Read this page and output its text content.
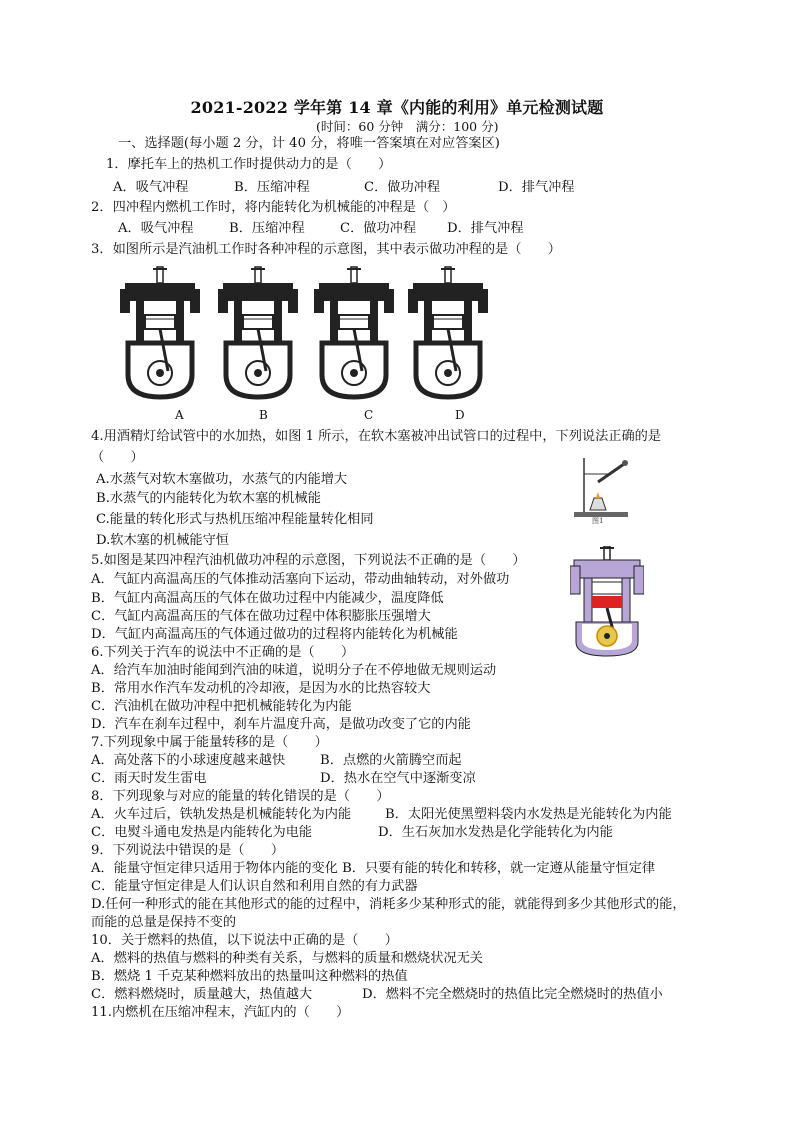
2021-2022 学年第 14 章《内能的利用》单元检测试题
(时间：60 分钟　满分：100 分)
一、选择题(每小题 2 分，计 40 分，将唯一答案填在对应答案区)
1．摩托车上的热机工作时提供动力的是（　　）
A．吸气冲程	B．压缩冲程	C．做功冲程	D．排气冲程
2．四冲程内燃机工作时，将内能转化为机械能的冲程是（　）
A．吸气冲程	B．压缩冲程	C．做功冲程 D．排气冲程
3．如图所示是汽油机工作时各种冲程的示意图，其中表示做功冲程的是（　　）
A	B	C	D
4.用酒精灯给试管中的水加热，如图 1 所示，在软木塞被冲出试管口的过程中，下列说法正确的是
（　　）
A.水蒸气对软木塞做功，水蒸气的内能增大
B.水蒸气的内能转化为软木塞的机械能
C.能量的转化形式与热机压缩冲程能量转化相同
D.软木塞的机械能守恒
图1
5.如图是某四冲程汽油机做功冲程的示意图，下列说法不正确的是（　　）
A．气缸内高温高压的气体推动活塞向下运动，带动曲轴转动，对外做功
B．气缸内高温高压的气体在做功过程中内能减少，温度降低
C．气缸内高温高压的气体在做功过程中体积膨胀压强增大
D．气缸内高温高压的气体通过做功的过程将内能转化为机械能
6.下列关于汽车的说法中不正确的是（　　）
A．给汽车加油时能闻到汽油的味道，说明分子在不停地做无规则运动
B．常用水作汽车发动机的冷却液，是因为水的比热容较大
C．汽油机在做功冲程中把机械能转化为内能
D．汽车在刹车过程中，刹车片温度升高，是做功改变了它的内能
7.下列现象中属于能量转移的是（　　）
A．高处落下的小球速度越来越快	B．点燃的火箭腾空而起
C．雨天时发生雷电	D．热水在空气中逐渐变凉
8．下列现象与对应的能量的转化错误的是（　　）
A．火车过后，铁轨发热是机械能转化为内能	B．太阳光使黑塑料袋内水发热是光能转化为内能
C．电熨斗通电发热是内能转化为电能	D．生石灰加水发热是化学能转化为内能
9．下列说法中错误的是（　　）
A．能量守恒定律只适用于物体内能的变化 B．只要有能的转化和转移，就一定遵从能量守恒定律
C．能量守恒定律是人们认识自然和利用自然的有力武器
D.任何一种形式的能在其他形式的能的过程中，消耗多少某种形式的能，就能得到多少其他形式的能，
而能的总量是保持不变的
10．关于燃料的热值，以下说法中正确的是（　　）
A．燃料的热值与燃料的种类有关系，与燃料的质量和燃烧状况无关
B．燃烧 1 千克某种燃料放出的热量叫这种燃料的热值
C．燃料燃烧时，质量越大，热值越大	D．燃料不完全燃烧时的热值比完全燃烧时的热值小
11.内燃机在压缩冲程末，汽缸内的（　　）
